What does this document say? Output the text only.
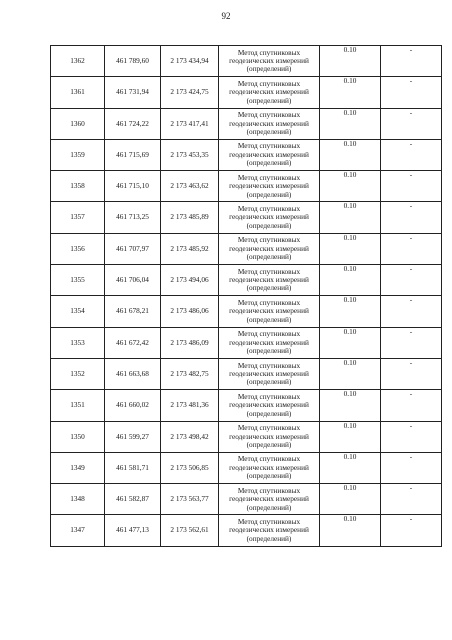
92
1362	461 789,60	2 173 434,94	Метод спутниковых геодезических измерений (определений)	0.10	-
1361	461 731,94	2 173 424,75	Метод спутниковых геодезических измерений (определений)	0.10	-
1360	461 724,22	2 173 417,41	Метод спутниковых геодезических измерений (определений)	0.10	-
1359	461 715,69	2 173 453,35	Метод спутниковых геодезических измерений (определений)	0.10	-
1358	461 715,10	2 173 463,62	Метод спутниковых геодезических измерений (определений)	0.10	-
1357	461 713,25	2 173 485,89	Метод спутниковых геодезических измерений (определений)	0.10	-
1356	461 707,97	2 173 485,92	Метод спутниковых геодезических измерений (определений)	0.10	-
1355	461 706,04	2 173 494,06	Метод спутниковых геодезических измерений (определений)	0.10	-
1354	461 678,21	2 173 486,06	Метод спутниковых геодезических измерений (определений)	0.10	-
1353	461 672,42	2 173 486,09	Метод спутниковых геодезических измерений (определений)	0.10	-
1352	461 663,68	2 173 482,75	Метод спутниковых геодезических измерений (определений)	0.10	-
1351	461 660,02	2 173 481,36	Метод спутниковых геодезических измерений (определений)	0.10	-
1350	461 599,27	2 173 498,42	Метод спутниковых геодезических измерений (определений)	0.10	-
1349	461 581,71	2 173 506,85	Метод спутниковых геодезических измерений (определений)	0.10	-
1348	461 582,87	2 173 563,77	Метод спутниковых геодезических измерений (определений)	0.10	-
1347	461 477,13	2 173 562,61	Метод спутниковых геодезических измерений (определений)	0.10	-
